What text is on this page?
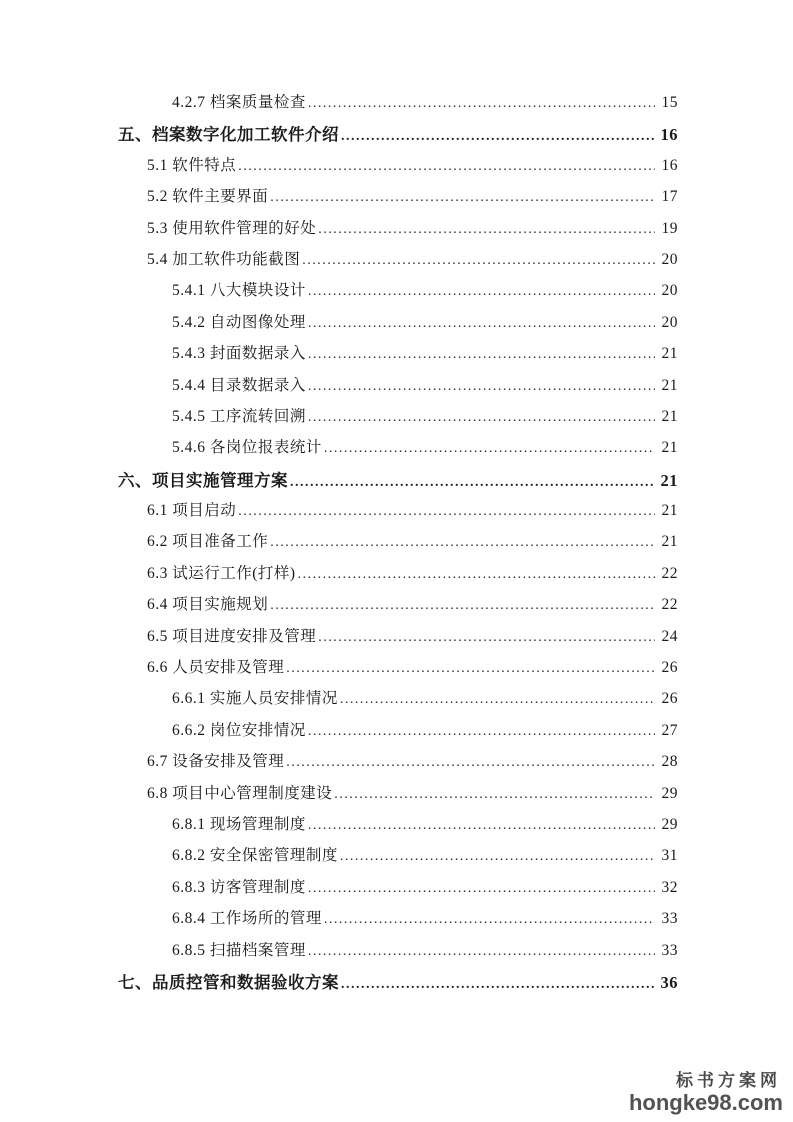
4.2.7 档案质量检查 .....	15
五、档案数字化加工软件介绍 .....	16
5.1 软件特点 .....	16
5.2 软件主要界面 .....	17
5.3 使用软件管理的好处 .....	19
5.4 加工软件功能截图 .....	20
5.4.1 八大模块设计 .....	20
5.4.2 自动图像处理 .....	20
5.4.3 封面数据录入 .....	21
5.4.4 目录数据录入 .....	21
5.4.5 工序流转回溯 .....	21
5.4.6 各岗位报表统计 .....	21
六、项目实施管理方案 .....	21
6.1 项目启动 .....	21
6.2 项目准备工作 .....	21
6.3 试运行工作(打样) .....	22
6.4 项目实施规划 .....	22
6.5 项目进度安排及管理 .....	24
6.6 人员安排及管理 .....	26
6.6.1 实施人员安排情况 .....	26
6.6.2 岗位安排情况 .....	27
6.7 设备安排及管理 .....	28
6.8 项目中心管理制度建设 .....	29
6.8.1 现场管理制度 .....	29
6.8.2 安全保密管理制度 .....	31
6.8.3 访客管理制度 .....	32
6.8.4 工作场所的管理 .....	33
6.8.5 扫描档案管理 .....	33
七、品质控管和数据验收方案 .....	36
标书方案网
hongke98.com
